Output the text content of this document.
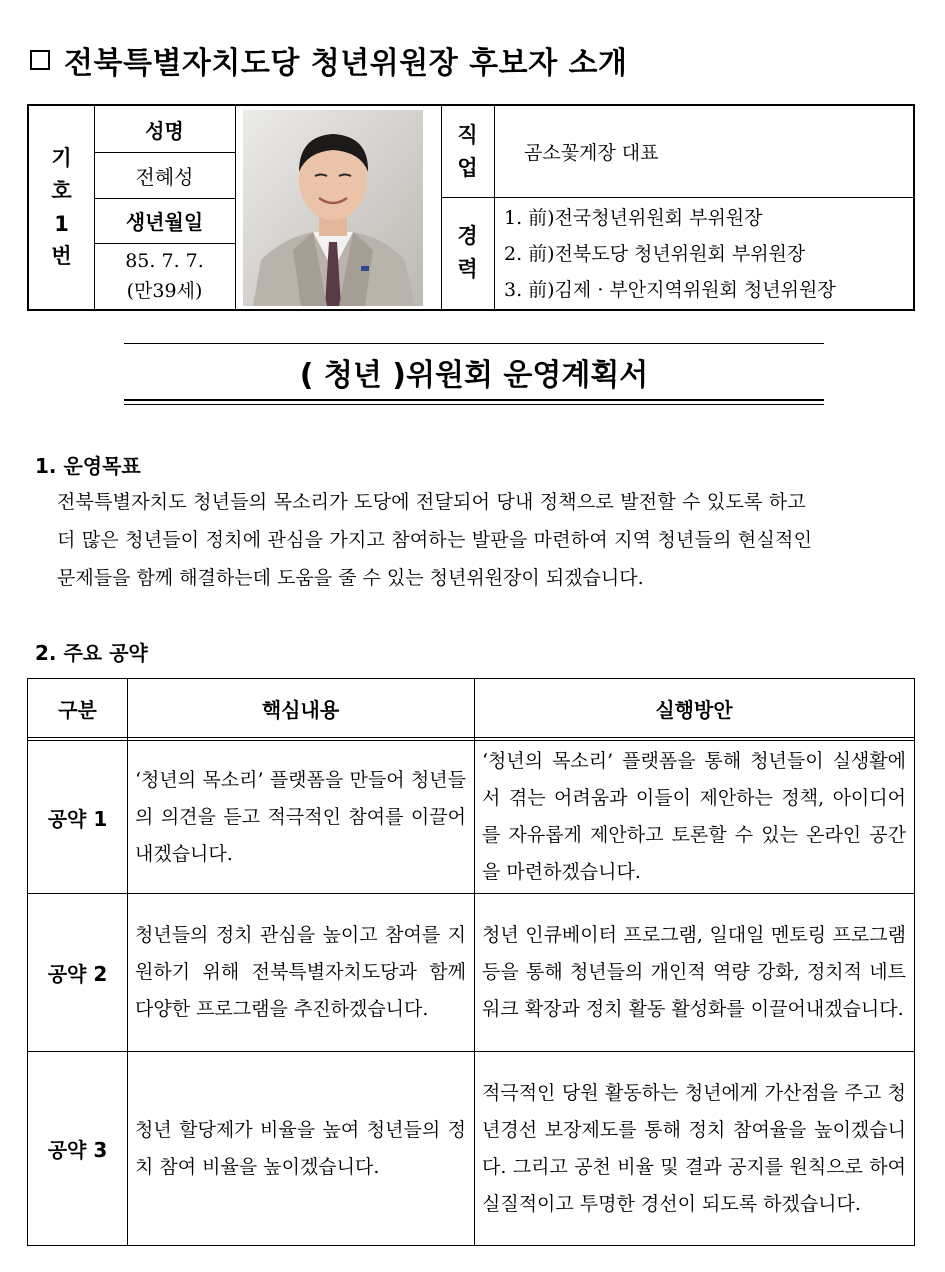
전북특별자치도당 청년위원장 후보자 소개
기
호
1
번
성명
전혜성
생년월일
85. 7. 7.
(만39세)
직
업
곰소꽃게장 대표
경
력
1. 前)전국청년위원회 부위원장
2. 前)전북도당 청년위원회 부위원장
3. 前)김제 · 부안지역위원회 청년위원장
( 청년 )위원회 운영계획서
1. 운영목표
전북특별자치도 청년들의 목소리가 도당에 전달되어 당내 정책으로 발전할 수 있도록 하고
더 많은 청년들이 정치에 관심을 가지고 참여하는 발판을 마련하여 지역 청년들의 현실적인
문제들을 함께 해결하는데 도움을 줄 수 있는 청년위원장이 되겠습니다.
2. 주요 공약
구분	핵심내용	실행방안
공약 1
‘청년의 목소리’ 플랫폼을 만들어 청년들의 의견을 듣고 적극적인 참여를 이끌어내겠습니다.
‘청년의 목소리’ 플랫폼을 통해 청년들이 실생활에서 겪는 어려움과 이들이 제안하는 정책, 아이디어를 자유롭게 제안하고 토론할 수 있는 온라인 공간을 마련하겠습니다.
공약 2
청년들의 정치 관심을 높이고 참여를 지원하기 위해 전북특별자치도당과 함께 다양한 프로그램을 추진하겠습니다.
청년 인큐베이터 프로그램, 일대일 멘토링 프로그램 등을 통해 청년들의 개인적 역량 강화, 정치적 네트워크 확장과 정치 활동 활성화를 이끌어내겠습니다.
공약 3
청년 할당제가 비율을 높여 청년들의 정치 참여 비율을 높이겠습니다.
적극적인 당원 활동하는 청년에게 가산점을 주고 청년경선 보장제도를 통해 정치 참여율을 높이겠습니다. 그리고 공천 비율 및 결과 공지를 원칙으로 하여 실질적이고 투명한 경선이 되도록 하겠습니다.
